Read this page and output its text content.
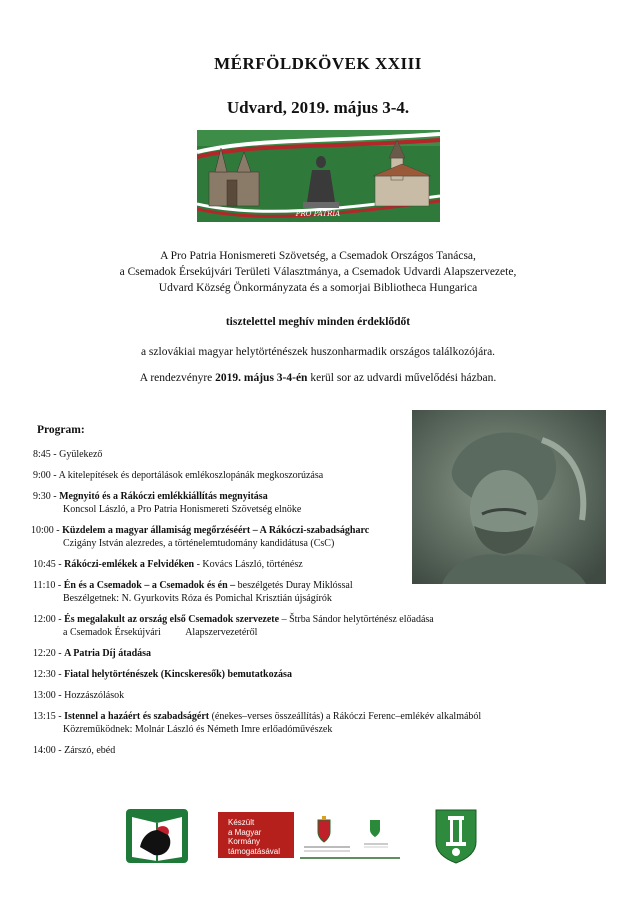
MÉRFÖLDKÖVEK XXIII
Udvard, 2019. május 3-4.
PRO PATRIA
A Pro Patria Honismereti Szövetség, a Csemadok Országos Tanácsa,
a Csemadok Érsekújvári Területi Választmánya, a Csemadok Udvardi Alapszervezete,
Udvard Község Önkormányzata és a somorjai Bibliotheca Hungarica
tisztelettel meghív minden érdeklődőt
a szlovákiai magyar helytörténészek huszonharmadik országos találkozójára.
A rendezvényre 2019. május 3-4-én kerül sor az udvardi művelődési házban.
Program:
8:45 - Gyülekező
9:00 - A kitelepítések és deportálások emlékoszlopánák megkoszorúzása
9:30 - Megnyitó és a Rákóczi emlékkiállítás megnyitása
Koncsol László, a Pro Patria Honismereti Szövetség elnöke
10:00 - Küzdelem a magyar államiság megőrzéséért – A Rákóczi-szabadságharc
Czigány István alezredes, a történelemtudomány kandidátusa (CsC)
10:45 - Rákóczi-emlékek a Felvidéken - Kovács László, történész
11:10 - Én és a Csemadok – a Csemadok és én – beszélgetés Duray Miklóssal
Beszélgetnek: N. Gyurkovits Róza és Pomichal Krisztián újságírók
12:00 - És megalakult az ország első Csemadok szervezete – Štrba Sándor helytörténész előadása
a Csemadok Érsekújvári          Alapszervezetéről
12:20 - A Patria Díj átadása
12:30 - Fiatal helytörténészek (Kincskeresők) bemutatkozása
13:00 - Hozzászólások
13:15 - Istennel a hazáért és szabadságért (énekes–verses összeállítás) a Rákóczi Ferenc–emlékév alkalmából
Közreműködnek: Molnár László és Németh Imre erlőadóművészek
14:00 - Zárszó, ebéd
Készült
a Magyar Kormány
támogatásával
